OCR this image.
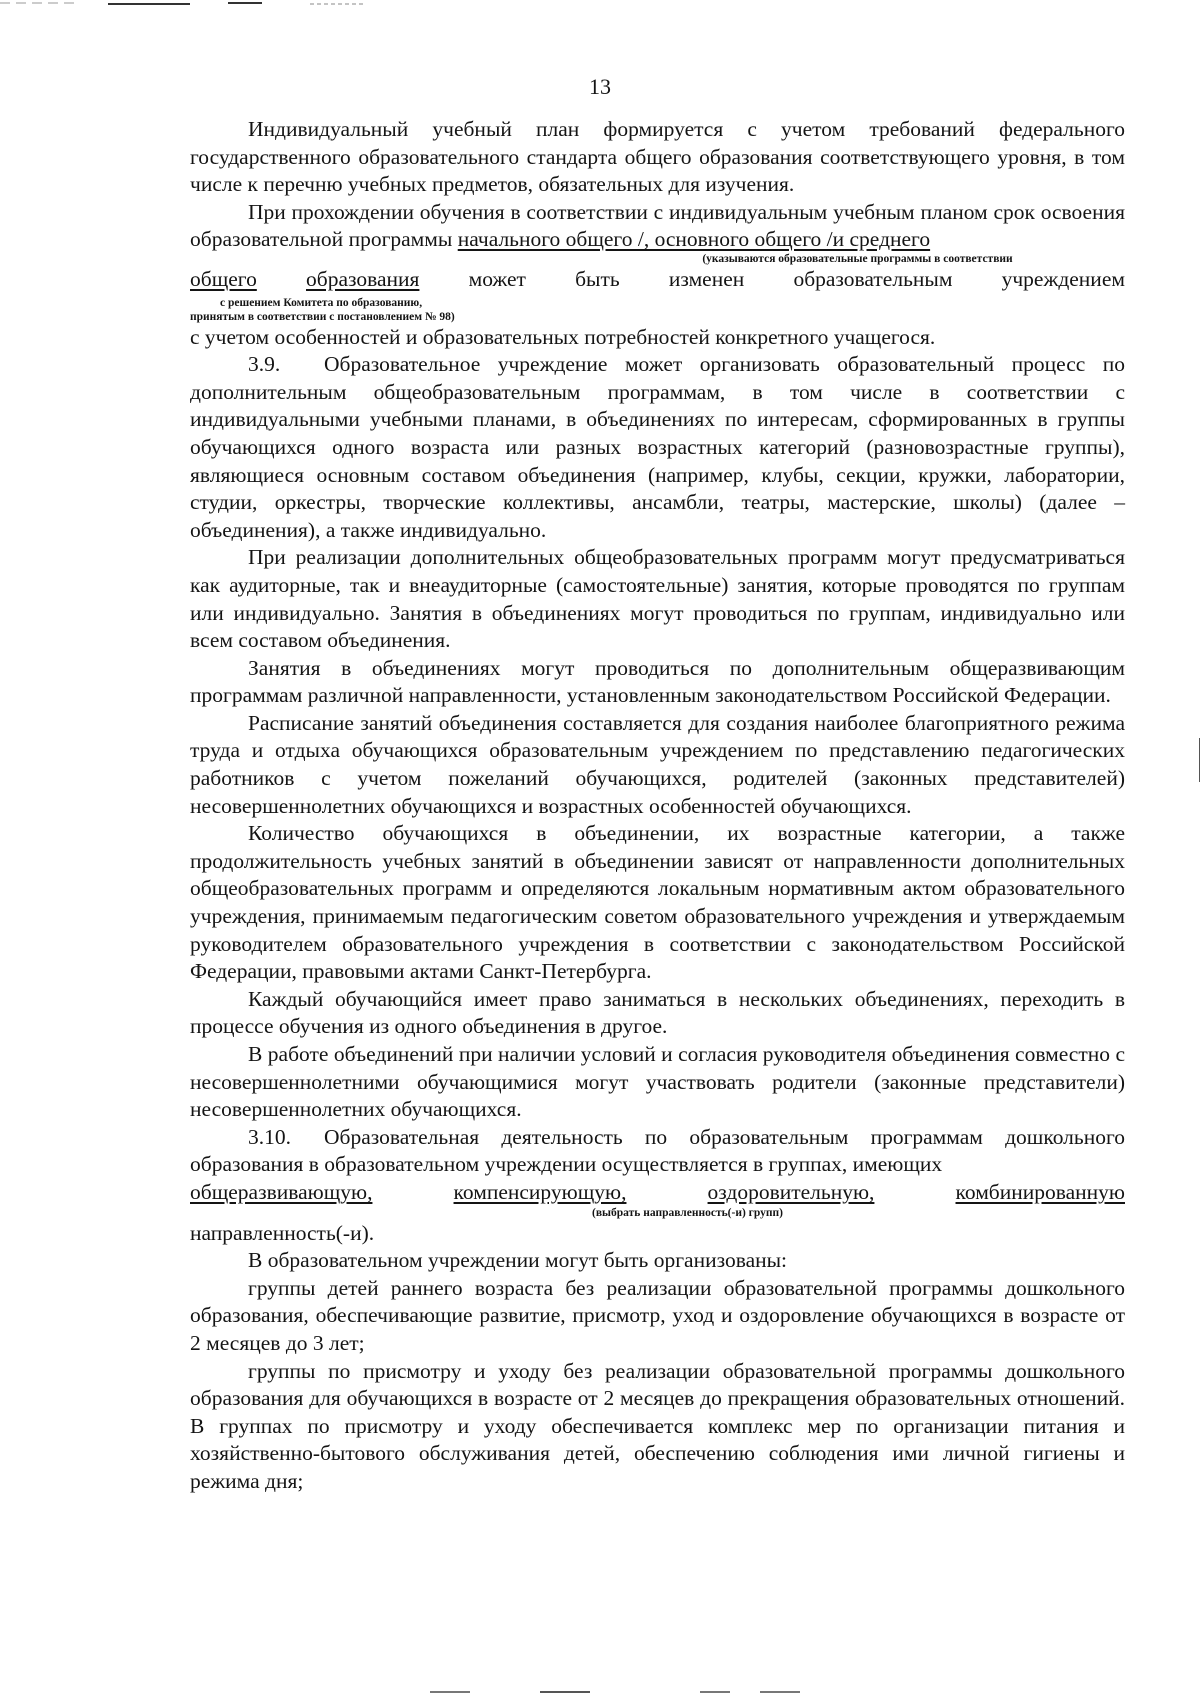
13

Индивидуальный учебный план формируется с учетом требований федерального государственного образовательного стандарта общего образования соответствующего уровня, в том числе к перечню учебных предметов, обязательных для изучения.

При прохождении обучения в соответствии с индивидуальным учебным планом срок освоения образовательной программы начального общего /, основного общего /и среднего

(указываются образовательные программы в соответствии

общего образования может быть изменен образовательным учреждением

с решением Комитета по образованию,

принятым в соответствии с постановлением № 98)

с учетом особенностей и образовательных потребностей конкретного учащегося.

3.9. Образовательное учреждение может организовать образовательный процесс по дополнительным общеобразовательным программам, в том числе в соответствии с индивидуальными учебными планами, в объединениях по интересам, сформированных в группы обучающихся одного возраста или разных возрастных категорий (разновозрастные группы), являющиеся основным составом объединения (например, клубы, секции, кружки, лаборатории, студии, оркестры, творческие коллективы, ансамбли, театры, мастерские, школы) (далее – объединения), а также индивидуально.

При реализации дополнительных общеобразовательных программ могут предусматриваться как аудиторные, так и внеаудиторные (самостоятельные) занятия, которые проводятся по группам или индивидуально. Занятия в объединениях могут проводиться по группам, индивидуально или всем составом объединения.

Занятия в объединениях могут проводиться по дополнительным общеразвивающим программам различной направленности, установленным законодательством Российской Федерации.

Расписание занятий объединения составляется для создания наиболее благоприятного режима труда и отдыха обучающихся образовательным учреждением по представлению педагогических работников с учетом пожеланий обучающихся, родителей (законных представителей) несовершеннолетних обучающихся и возрастных особенностей обучающихся.

Количество обучающихся в объединении, их возрастные категории, а также продолжительность учебных занятий в объединении зависят от направленности дополнительных общеобразовательных программ и определяются локальным нормативным актом образовательного учреждения, принимаемым педагогическим советом образовательного учреждения и утверждаемым руководителем образовательного учреждения в соответствии с законодательством Российской Федерации, правовыми актами Санкт-Петербурга.

Каждый обучающийся имеет право заниматься в нескольких объединениях, переходить в процессе обучения из одного объединения в другое.

В работе объединений при наличии условий и согласия руководителя объединения совместно с несовершеннолетними обучающимися могут участвовать родители (законные представители) несовершеннолетних обучающихся.

3.10. Образовательная деятельность по образовательным программам дошкольного образования в образовательном учреждении осуществляется в группах, имеющих

общеразвивающую,	компенсирующую,	оздоровительную,	комбинированную

(выбрать направленность(-и) групп)

направленность(-и).

В образовательном учреждении могут быть организованы:

группы детей раннего возраста без реализации образовательной программы дошкольного образования, обеспечивающие развитие, присмотр, уход и оздоровление обучающихся в возрасте от 2 месяцев до 3 лет;

группы по присмотру и уходу без реализации образовательной программы дошкольного образования для обучающихся в возрасте от 2 месяцев до прекращения образовательных отношений. В группах по присмотру и уходу обеспечивается комплекс мер по организации питания и хозяйственно-бытового обслуживания детей, обеспечению соблюдения ими личной гигиены и режима дня;
